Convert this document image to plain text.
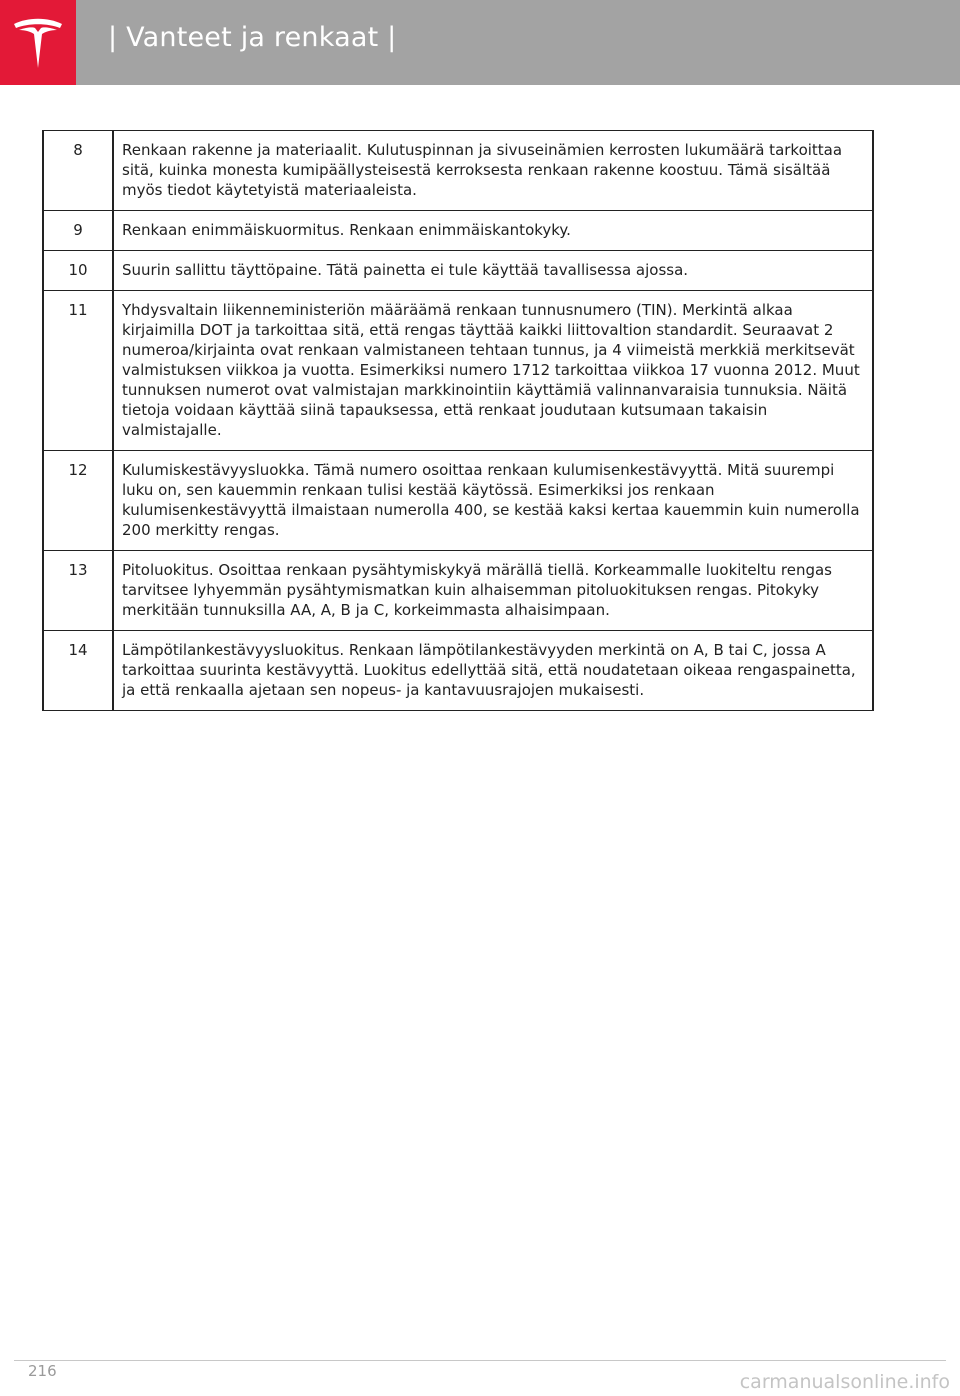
| Vanteet ja renkaat |
8	Renkaan rakenne ja materiaalit. Kulutuspinnan ja sivuseinämien kerrosten lukumäärä tarkoittaa sitä, kuinka monesta kumipäällysteisestä kerroksesta renkaan rakenne koostuu. Tämä sisältää myös tiedot käytetyistä materiaaleista.
9	Renkaan enimmäiskuormitus. Renkaan enimmäiskantokyky.
10	Suurin sallittu täyttöpaine. Tätä painetta ei tule käyttää tavallisessa ajossa.
11	Yhdysvaltain liikenneministeriön määräämä renkaan tunnusnumero (TIN). Merkintä alkaa kirjaimilla DOT ja tarkoittaa sitä, että rengas täyttää kaikki liittovaltion standardit. Seuraavat 2 numeroa/kirjainta ovat renkaan valmistaneen tehtaan tunnus, ja 4 viimeistä merkkiä merkitsevät valmistuksen viikkoa ja vuotta. Esimerkiksi numero 1712 tarkoittaa viikkoa 17 vuonna 2012. Muut tunnuksen numerot ovat valmistajan markkinointiin käyttämiä valinnanvaraisia tunnuksia. Näitä tietoja voidaan käyttää siinä tapauksessa, että renkaat joudutaan kutsumaan takaisin valmistajalle.
12	Kulumiskestävyysluokka. Tämä numero osoittaa renkaan kulumisenkestävyyttä. Mitä suurempi luku on, sen kauemmin renkaan tulisi kestää käytössä. Esimerkiksi jos renkaan kulumisenkestävyyttä ilmaistaan numerolla 400, se kestää kaksi kertaa kauemmin kuin numerolla 200 merkitty rengas.
13	Pitoluokitus. Osoittaa renkaan pysähtymiskykyä märällä tiellä. Korkeammalle luokiteltu rengas tarvitsee lyhyemmän pysähtymismatkan kuin alhaisemman pitoluokituksen rengas. Pitokyky merkitään tunnuksilla AA, A, B ja C, korkeimmasta alhaisimpaan.
14	Lämpötilankestävyysluokitus. Renkaan lämpötilankestävyyden merkintä on A, B tai C, jossa A tarkoittaa suurinta kestävyyttä. Luokitus edellyttää sitä, että noudatetaan oikeaa rengaspainetta, ja että renkaalla ajetaan sen nopeus- ja kantavuusrajojen mukaisesti.
216	carmanualsonline.info
